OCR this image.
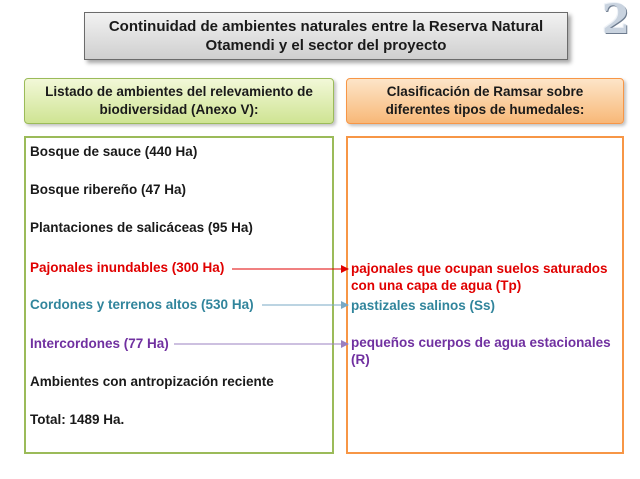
Continuidad de ambientes naturales entre la Reserva Natural
Otamendi y el sector del proyecto
2
Listado de ambientes del relevamiento de
biodiversidad (Anexo V):
Clasificación de Ramsar sobre
diferentes tipos de humedales:
Bosque de sauce (440 Ha)
Bosque ribereño (47 Ha)
Plantaciones de salicáceas (95 Ha)
Pajonales inundables (300 Ha)
Cordones y terrenos altos (530 Ha)
Intercordones (77 Ha)
Ambientes con antropización reciente
Total: 1489 Ha.
pajonales que ocupan suelos saturados
con una capa de agua (Tp)
pastizales salinos (Ss)
pequeños cuerpos de agua estacionales
(R)
